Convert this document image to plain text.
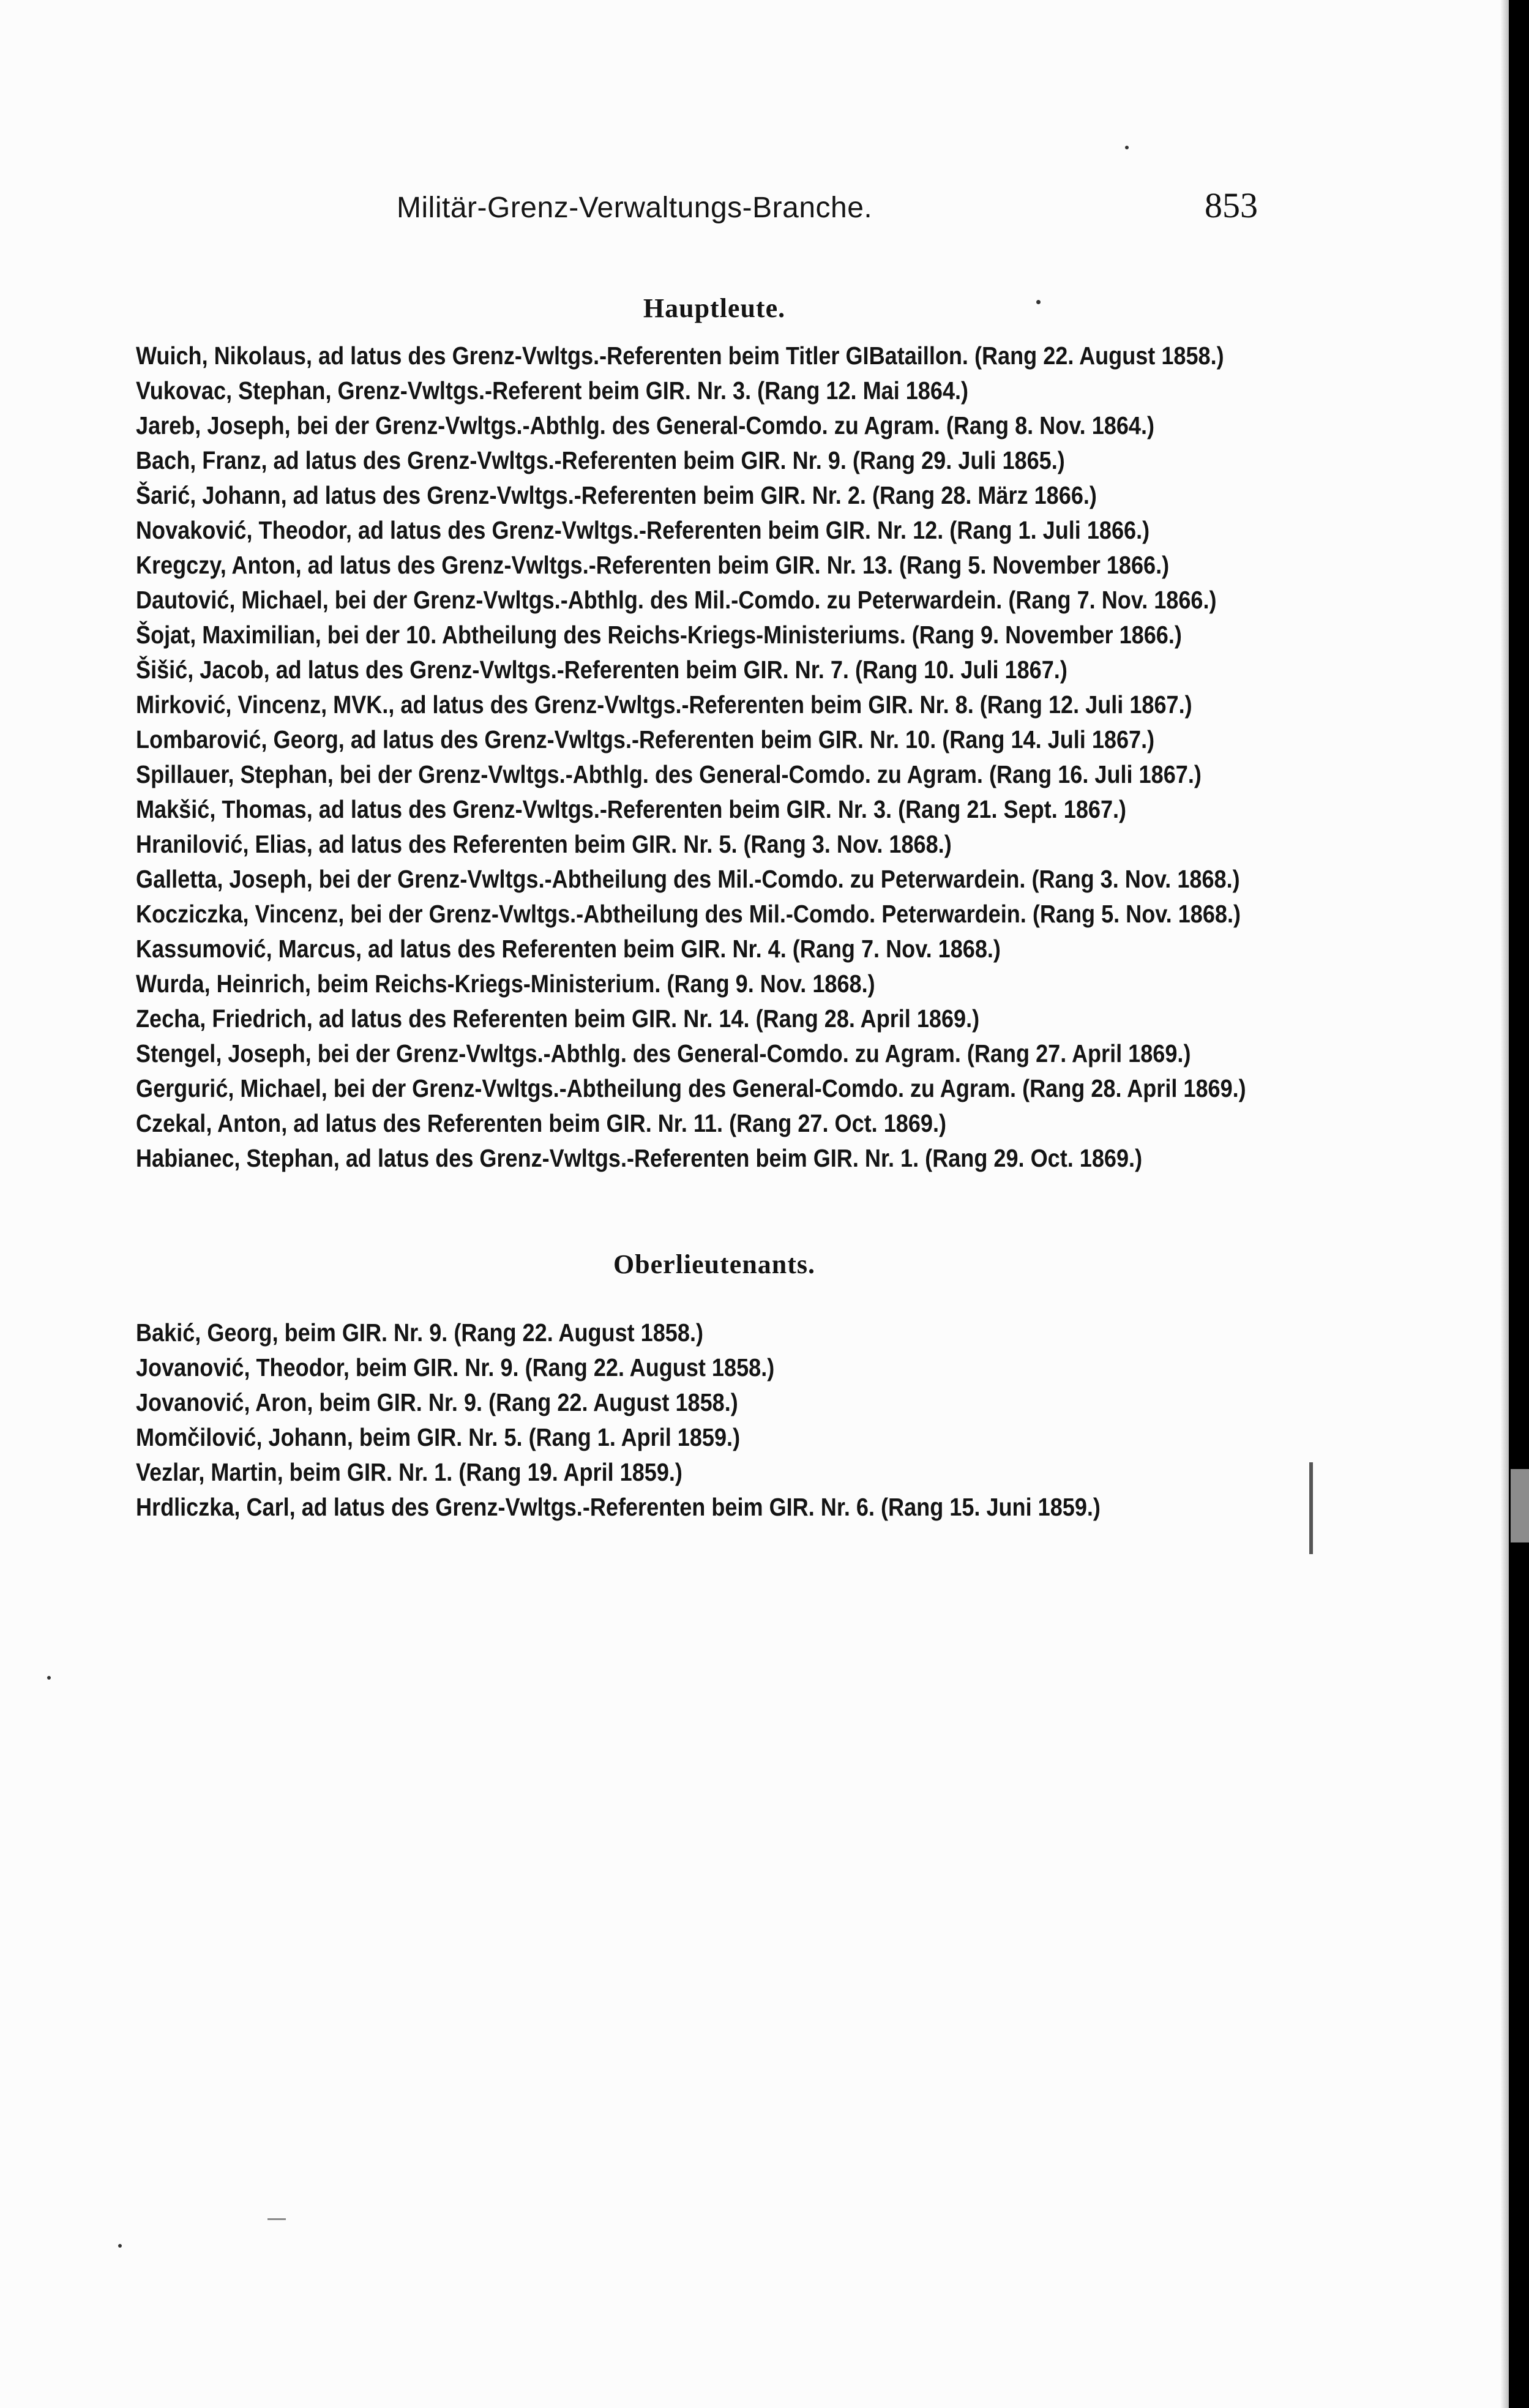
Militär-Grenz-Verwaltungs-Branche.	853
Hauptleute.

Wuich, Nikolaus, ad latus des Grenz-Vwltgs.-Referenten beim Titler GIBataillon. (Rang 22. August 1858.)

Vukovac, Stephan, Grenz-Vwltgs.-Referent beim GIR. Nr. 3. (Rang 12. Mai 1864.)

Jareb, Joseph, bei der Grenz-Vwltgs.-Abthlg. des General-Comdo. zu Agram. (Rang 8. Nov. 1864.)

Bach, Franz, ad latus des Grenz-Vwltgs.-Referenten beim GIR. Nr. 9. (Rang 29. Juli 1865.)

Šarić, Johann, ad latus des Grenz-Vwltgs.-Referenten beim GIR. Nr. 2. (Rang 28. März 1866.)

Novaković, Theodor, ad latus des Grenz-Vwltgs.-Referenten beim GIR. Nr. 12. (Rang 1. Juli 1866.)

Kregczy, Anton, ad latus des Grenz-Vwltgs.-Referenten beim GIR. Nr. 13. (Rang 5. November 1866.)

Dautović, Michael, bei der Grenz-Vwltgs.-Abthlg. des Mil.-Comdo. zu Peterwardein. (Rang 7. Nov. 1866.)

Šojat, Maximilian, bei der 10. Abtheilung des Reichs-Kriegs-Ministeriums. (Rang 9. November 1866.)

Šišić, Jacob, ad latus des Grenz-Vwltgs.-Referenten beim GIR. Nr. 7. (Rang 10. Juli 1867.)

Mirković, Vincenz, MVK., ad latus des Grenz-Vwltgs.-Referenten beim GIR. Nr. 8. (Rang 12. Juli 1867.)

Lombarović, Georg, ad latus des Grenz-Vwltgs.-Referenten beim GIR. Nr. 10. (Rang 14. Juli 1867.)

Spillauer, Stephan, bei der Grenz-Vwltgs.-Abthlg. des General-Comdo. zu Agram. (Rang 16. Juli 1867.)

Makšić, Thomas, ad latus des Grenz-Vwltgs.-Referenten beim GIR. Nr. 3. (Rang 21. Sept. 1867.)

Hranilović, Elias, ad latus des Referenten beim GIR. Nr. 5. (Rang 3. Nov. 1868.)

Galletta, Joseph, bei der Grenz-Vwltgs.-Abtheilung des Mil.-Comdo. zu Peterwardein. (Rang 3. Nov. 1868.)

Kocziczka, Vincenz, bei der Grenz-Vwltgs.-Abtheilung des Mil.-Comdo. Peterwardein. (Rang 5. Nov. 1868.)

Kassumović, Marcus, ad latus des Referenten beim GIR. Nr. 4. (Rang 7. Nov. 1868.)

Wurda, Heinrich, beim Reichs-Kriegs-Ministerium. (Rang 9. Nov. 1868.)

Zecha, Friedrich, ad latus des Referenten beim GIR. Nr. 14. (Rang 28. April 1869.)

Stengel, Joseph, bei der Grenz-Vwltgs.-Abthlg. des General-Comdo. zu Agram. (Rang 27. April 1869.)

Gergurić, Michael, bei der Grenz-Vwltgs.-Abtheilung des General-Comdo. zu Agram. (Rang 28. April 1869.)

Czekal, Anton, ad latus des Referenten beim GIR. Nr. 11. (Rang 27. Oct. 1869.)

Habianec, Stephan, ad latus des Grenz-Vwltgs.-Referenten beim GIR. Nr. 1. (Rang 29. Oct. 1869.)

Oberlieutenants.

Bakić, Georg, beim GIR. Nr. 9. (Rang 22. August 1858.)

Jovanović, Theodor, beim GIR. Nr. 9. (Rang 22. August 1858.)

Jovanović, Aron, beim GIR. Nr. 9. (Rang 22. August 1858.)

Momčilović, Johann, beim GIR. Nr. 5. (Rang 1. April 1859.)

Vezlar, Martin, beim GIR. Nr. 1. (Rang 19. April 1859.)

Hrdliczka, Carl, ad latus des Grenz-Vwltgs.-Referenten beim GIR. Nr. 6. (Rang 15. Juni 1859.)
